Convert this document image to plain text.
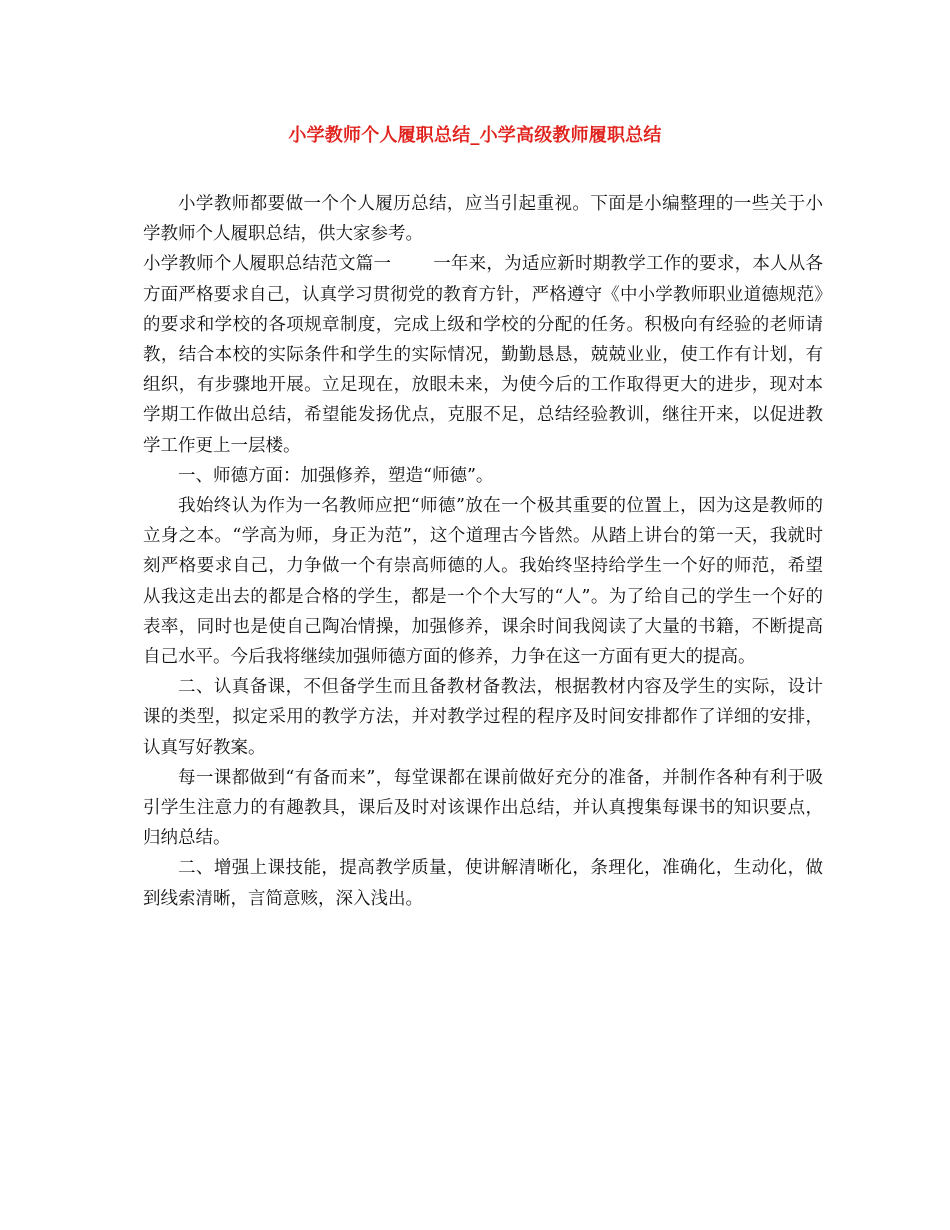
小学教师个人履职总结_小学高级教师履职总结

小学教师都要做一个个人履历总结，应当引起重视。下面是小编整理的一些关于小学教师个人履职总结，供大家参考。

小学教师个人履职总结范文篇一 一年来，为适应新时期教学工作的要求，本人从各方面严格要求自己，认真学习贯彻党的教育方针，严格遵守《中小学教师职业道德规范》的要求和学校的各项规章制度，完成上级和学校的分配的任务。积极向有经验的老师请教，结合本校的实际条件和学生的实际情况，勤勤恳恳，兢兢业业，使工作有计划，有组织，有步骤地开展。立足现在，放眼未来，为使今后的工作取得更大的进步，现对本学期工作做出总结，希望能发扬优点，克服不足，总结经验教训，继往开来，以促进教学工作更上一层楼。

一、师德方面：加强修养，塑造“师德”。

我始终认为作为一名教师应把“师德”放在一个极其重要的位置上，因为这是教师的立身之本。“学高为师，身正为范”，这个道理古今皆然。从踏上讲台的第一天，我就时刻严格要求自己，力争做一个有崇高师德的人。我始终坚持给学生一个好的师范，希望从我这走出去的都是合格的学生，都是一个个大写的“人”。为了给自己的学生一个好的表率，同时也是使自己陶冶情操，加强修养，课余时间我阅读了大量的书籍，不断提高自己水平。今后我将继续加强师德方面的修养，力争在这一方面有更大的提高。

二、认真备课，不但备学生而且备教材备教法，根据教材内容及学生的实际，设计课的类型，拟定采用的教学方法，并对教学过程的程序及时间安排都作了详细的安排，认真写好教案。

每一课都做到“有备而来”，每堂课都在课前做好充分的准备，并制作各种有利于吸引学生注意力的有趣教具，课后及时对该课作出总结，并认真搜集每课书的知识要点，归纳总结。

二、增强上课技能，提高教学质量，使讲解清晰化，条理化，准确化，生动化，做到线索清晰，言简意赅，深入浅出。
